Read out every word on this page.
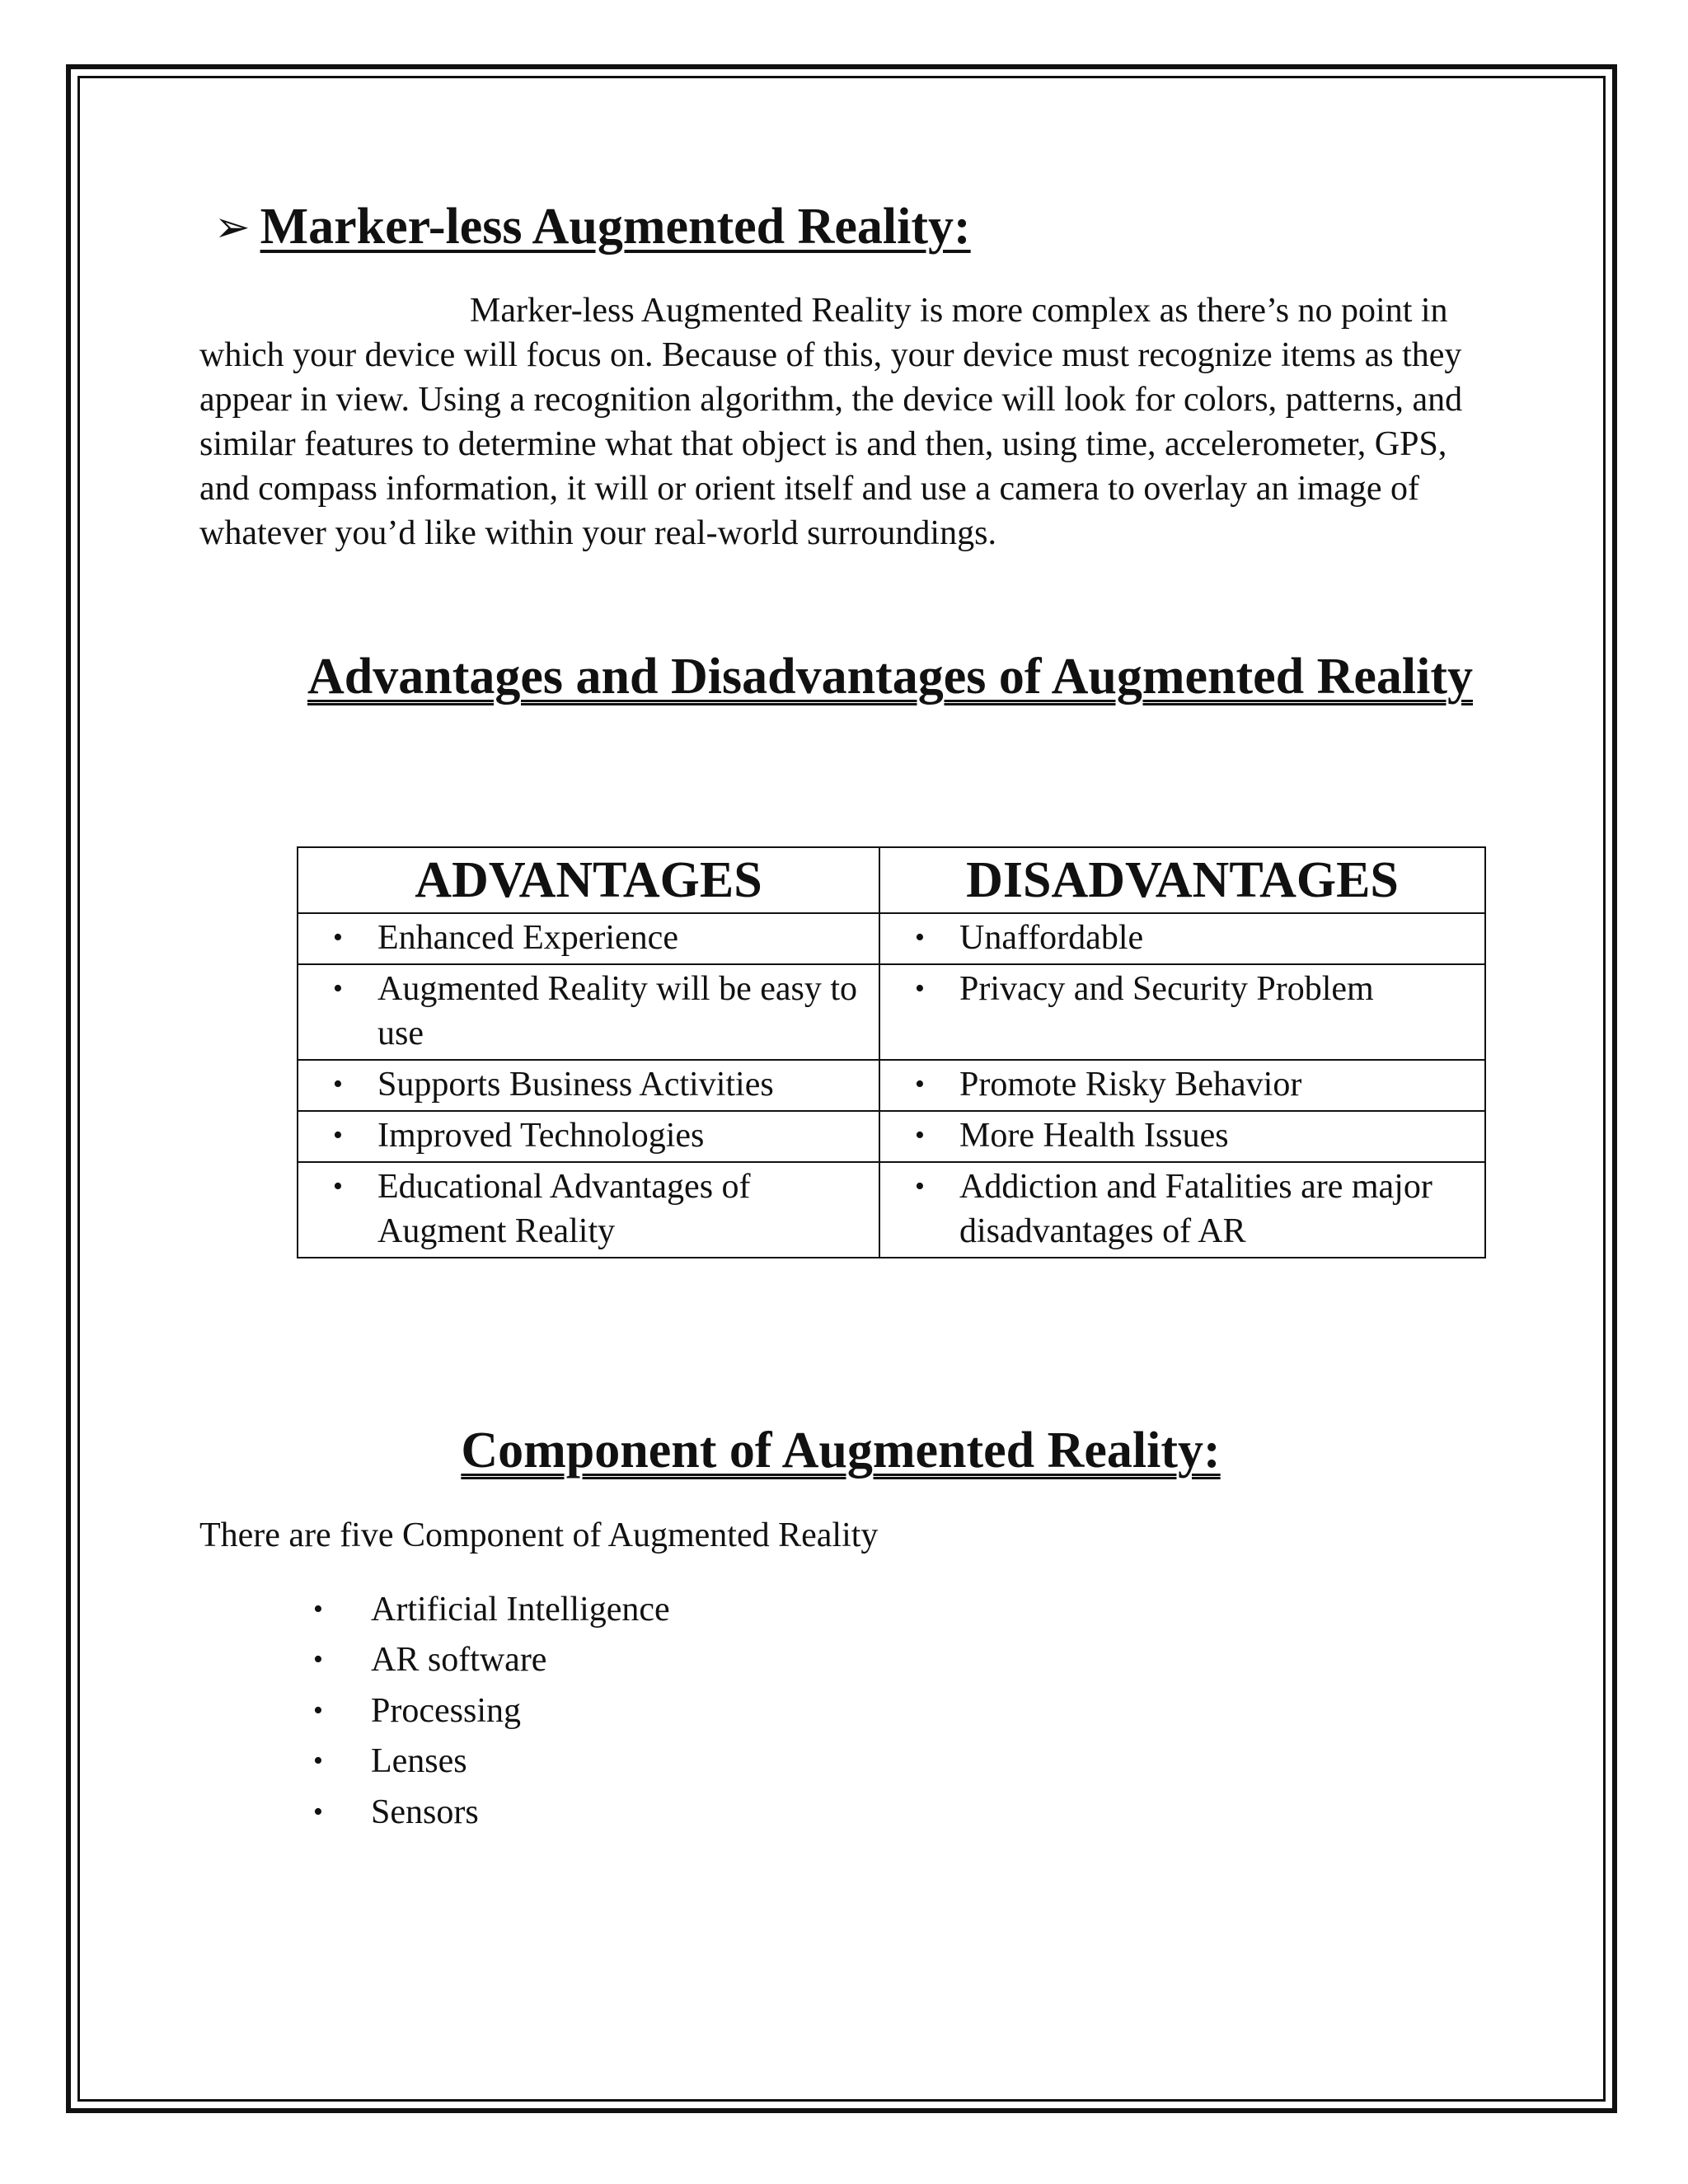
➢ Marker-less Augmented Reality:

Marker-less Augmented Reality is more complex as there’s no point in which your device will focus on. Because of this, your device must recognize items as they appear in view. Using a recognition algorithm, the device will look for colors, patterns, and similar features to determine what that object is and then, using time, accelerometer, GPS, and compass information, it will or orient itself and use a camera to overlay an image of whatever you’d like within your real-world surroundings.

Advantages and Disadvantages of Augmented Reality
ADVANTAGES	DISADVANTAGES

• Enhanced Experience	• Unaffordable

• Augmented Reality will be easy to use	• Privacy and Security Problem

• Supports Business Activities	• Promote Risky Behavior

• Improved Technologies	• More Health Issues

• Educational Advantages of Augment Reality	• Addiction and Fatalities are major disadvantages of AR
Component of Augmented Reality:
There are five Component of Augmented Reality
•	Artificial Intelligence
•	AR software
•	Processing
•	Lenses
•	Sensors
